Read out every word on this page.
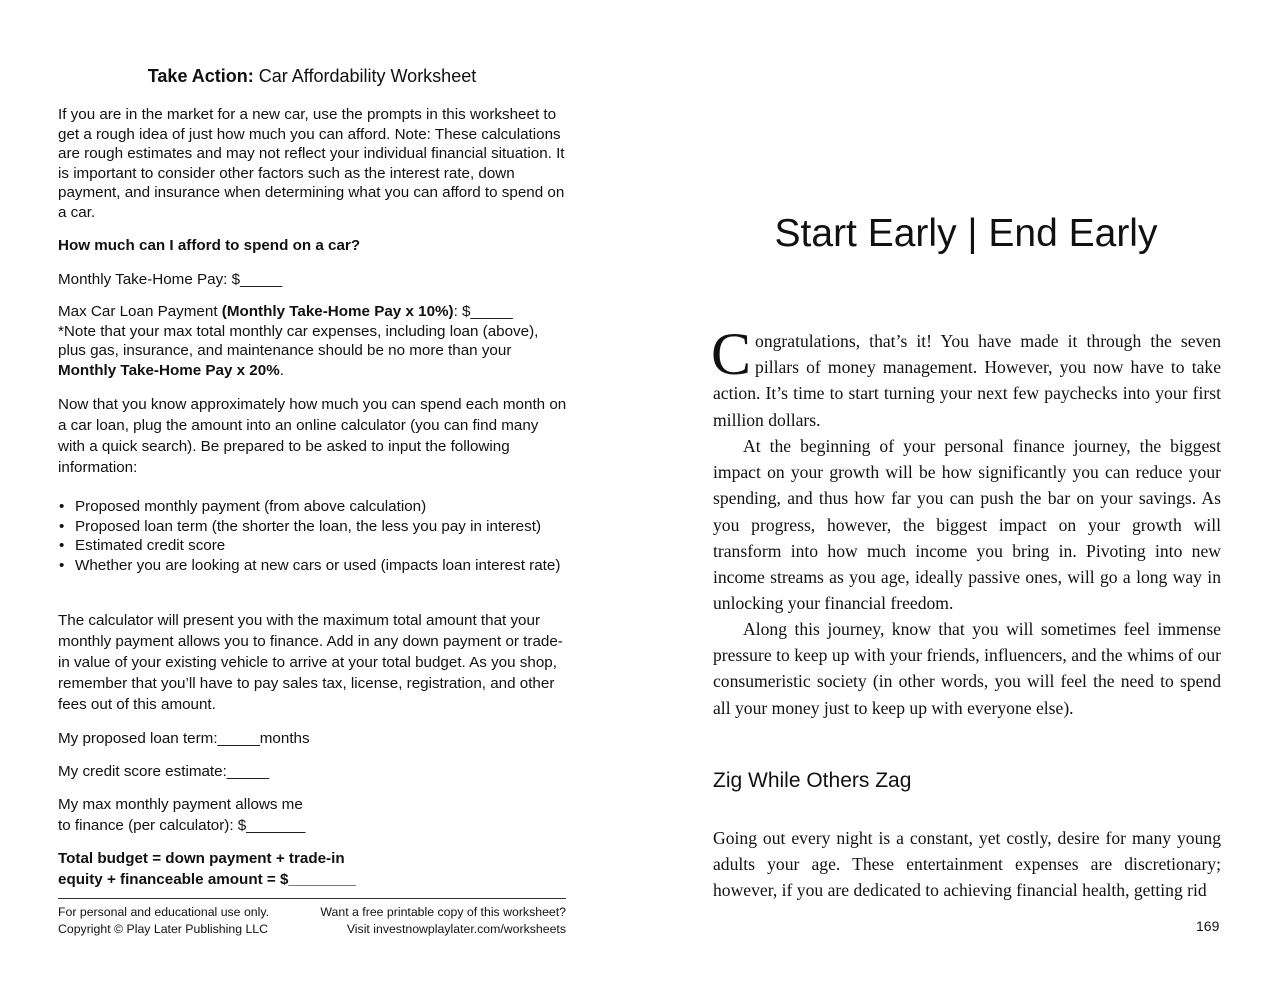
Take Action: Car Affordability Worksheet

If you are in the market for a new car, use the prompts in this worksheet to get a rough idea of just how much you can afford. Note: These calculations are rough estimates and may not reflect your individual financial situation. It is important to consider other factors such as the interest rate, down payment, and insurance when determining what you can afford to spend on a car.

How much can I afford to spend on a car?

Monthly Take-Home Pay: $_____

Max Car Loan Payment (Monthly Take-Home Pay x 10%): $_____
*Note that your max total monthly car expenses, including loan (above), plus gas, insurance, and maintenance should be no more than your Monthly Take-Home Pay x 20%.

Now that you know approximately how much you can spend each month on a car loan, plug the amount into an online calculator (you can find many with a quick search). Be prepared to be asked to input the following information:

• Proposed monthly payment (from above calculation)
• Proposed loan term (the shorter the loan, the less you pay in interest)
• Estimated credit score
• Whether you are looking at new cars or used (impacts loan interest rate)

The calculator will present you with the maximum total amount that your monthly payment allows you to finance. Add in any down payment or trade-in value of your existing vehicle to arrive at your total budget. As you shop, remember that you’ll have to pay sales tax, license, registration, and other fees out of this amount.

My proposed loan term:_____months

My credit score estimate:_____

My max monthly payment allows me
to finance (per calculator): $_______

Total budget = down payment + trade-in
equity + financeable amount = $________

For personal and educational use only.
Copyright © Play Later Publishing LLC
Want a free printable copy of this worksheet?
Visit investnowplaylater.com/worksheets
Start Early | End Early

Congratulations, that’s it! You have made it through the seven pillars of money management. However, you now have to take action. It’s time to start turning your next few paychecks into your first million dollars.

At the beginning of your personal finance journey, the biggest impact on your growth will be how significantly you can reduce your spending, and thus how far you can push the bar on your savings. As you progress, however, the biggest impact on your growth will transform into how much income you bring in. Pivoting into new income streams as you age, ideally passive ones, will go a long way in unlocking your financial freedom.

Along this journey, know that you will sometimes feel immense pressure to keep up with your friends, influencers, and the whims of our consumeristic society (in other words, you will feel the need to spend all your money just to keep up with everyone else).

Zig While Others Zag

Going out every night is a constant, yet costly, desire for many young adults your age. These entertainment expenses are discretionary; however, if you are dedicated to achieving financial health, getting rid

169
